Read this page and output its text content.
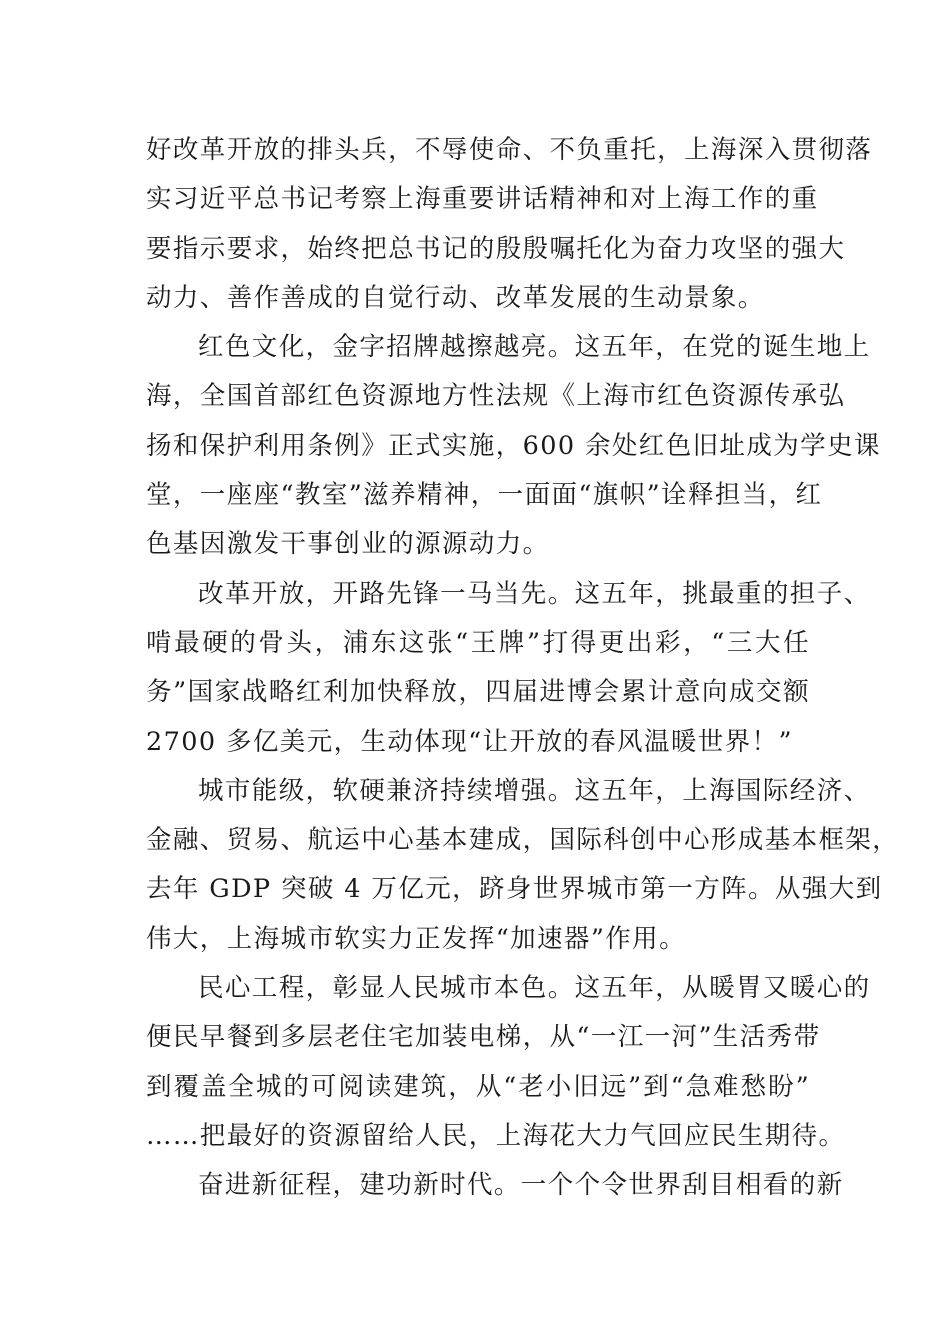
好改革开放的排头兵，不辱使命、不负重托，上海深入贯彻落
实习近平总书记考察上海重要讲话精神和对上海工作的重
要指示要求，始终把总书记的殷殷嘱托化为奋力攻坚的强大
动力、善作善成的自觉行动、改革发展的生动景象。
红色文化，金字招牌越擦越亮。这五年，在党的诞生地上
海，全国首部红色资源地方性法规《上海市红色资源传承弘
扬和保护利用条例》正式实施，600 余处红色旧址成为学史课
堂，一座座“教室”滋养精神，一面面“旗帜”诠释担当，红
色基因激发干事创业的源源动力。
改革开放，开路先锋一马当先。这五年，挑最重的担子、
啃最硬的骨头，浦东这张“王牌”打得更出彩，“三大任
务”国家战略红利加快释放，四届进博会累计意向成交额
2700 多亿美元，生动体现“让开放的春风温暖世界！”
城市能级，软硬兼济持续增强。这五年，上海国际经济、
金融、贸易、航运中心基本建成，国际科创中心形成基本框架，
去年 GDP 突破 4 万亿元，跻身世界城市第一方阵。从强大到
伟大，上海城市软实力正发挥“加速器”作用。
民心工程，彰显人民城市本色。这五年，从暖胃又暖心的
便民早餐到多层老住宅加装电梯，从“一江一河”生活秀带
到覆盖全城的可阅读建筑，从“老小旧远”到“急难愁盼”
……把最好的资源留给人民，上海花大力气回应民生期待。
奋进新征程，建功新时代。一个个令世界刮目相看的新
